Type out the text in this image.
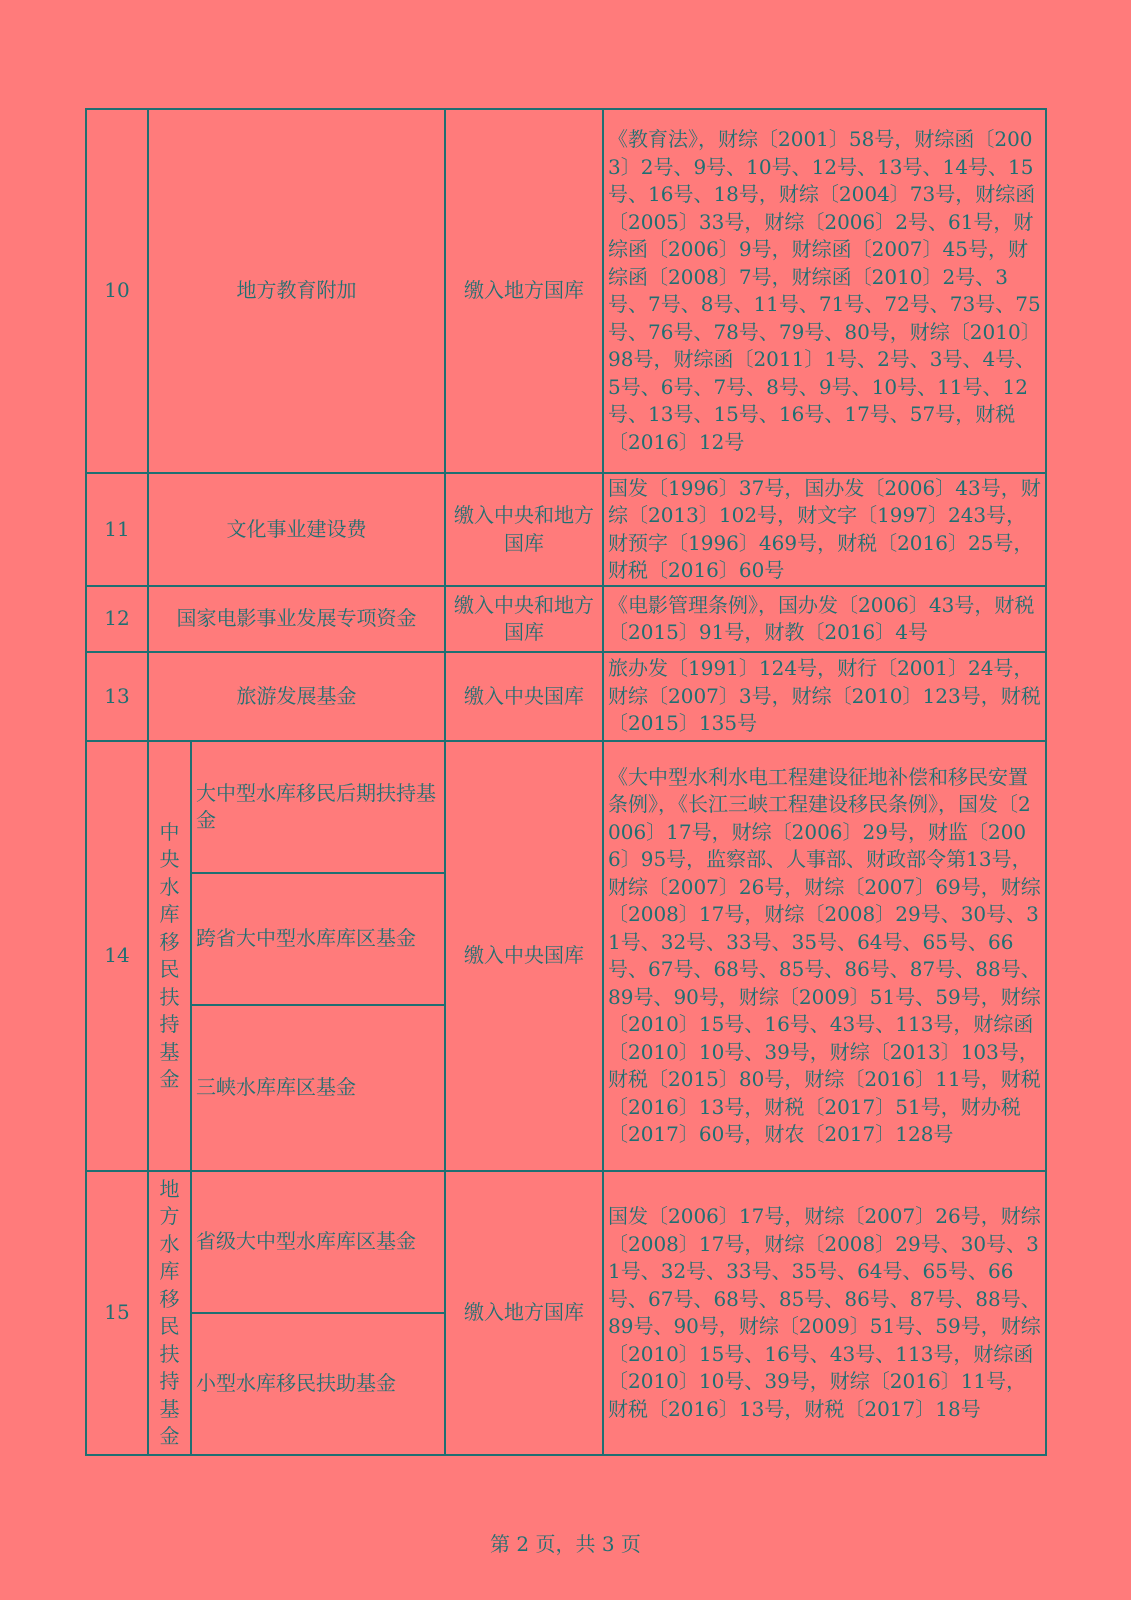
10	地方教育附加		缴入地方国库	《教育法》，财综〔2001〕58号，财综函〔2003〕2号、9号、10号、12号、13号、14号、15号、16号、18号，财综〔2004〕73号，财综函〔2005〕33号，财综〔2006〕2号、61号，财综函〔2006〕9号，财综函〔2007〕45号，财综函〔2008〕7号，财综函〔2010〕2号、3号、7号、8号、11号、71号、72号、73号、75号、76号、78号、79号、80号，财综〔2010〕98号，财综函〔2011〕1号、2号、3号、4号、5号、6号、7号、8号、9号、10号、11号、12号、13号、15号、16号、17号、57号，财税〔2016〕12号
11	文化事业建设费		缴入中央和地方国库	国发〔1996〕37号，国办发〔2006〕43号，财综〔2013〕102号，财文字〔1997〕243号，财预字〔1996〕469号，财税〔2016〕25号，财税〔2016〕60号
12	国家电影事业发展专项资金		缴入中央和地方国库	《电影管理条例》，国办发〔2006〕43号，财税〔2015〕91号，财教〔2016〕4号
13	旅游发展基金		缴入中央国库	旅办发〔1991〕124号，财行〔2001〕24号，财综〔2007〕3号，财综〔2010〕123号，财税〔2015〕135号
14	中央水库移民扶持基金	大中型水库移民后期扶持基金	缴入中央国库	《大中型水利水电工程建设征地补偿和移民安置条例》，《长江三峡工程建设移民条例》，国发〔2006〕17号，财综〔2006〕29号，财监〔2006〕95号，监察部、人事部、财政部令第13号，财综〔2007〕26号，财综〔2007〕69号，财综〔2008〕17号，财综〔2008〕29号、30号、31号、32号、33号、35号、64号、65号、66号、67号、68号、85号、86号、87号、88号、89号、90号，财综〔2009〕51号、59号，财综〔2010〕15号、16号、43号、113号，财综函〔2010〕10号、39号，财综〔2013〕103号，财税〔2015〕80号，财综〔2016〕11号，财税〔2016〕13号，财税〔2017〕51号，财办税〔2017〕60号，财农〔2017〕128号
		跨省大中型水库库区基金		
		三峡水库库区基金		
15	地方水库移民扶持基金	省级大中型水库库区基金	缴入地方国库	国发〔2006〕17号，财综〔2007〕26号，财综〔2008〕17号，财综〔2008〕29号、30号、31号、32号、33号、35号、64号、65号、66号、67号、68号、85号、86号、87号、88号、89号、90号，财综〔2009〕51号、59号，财综〔2010〕15号、16号、43号、113号，财综函〔2010〕10号、39号，财综〔2016〕11号，财税〔2016〕13号，财税〔2017〕18号
		小型水库移民扶助基金		
第 2 页，共 3 页
